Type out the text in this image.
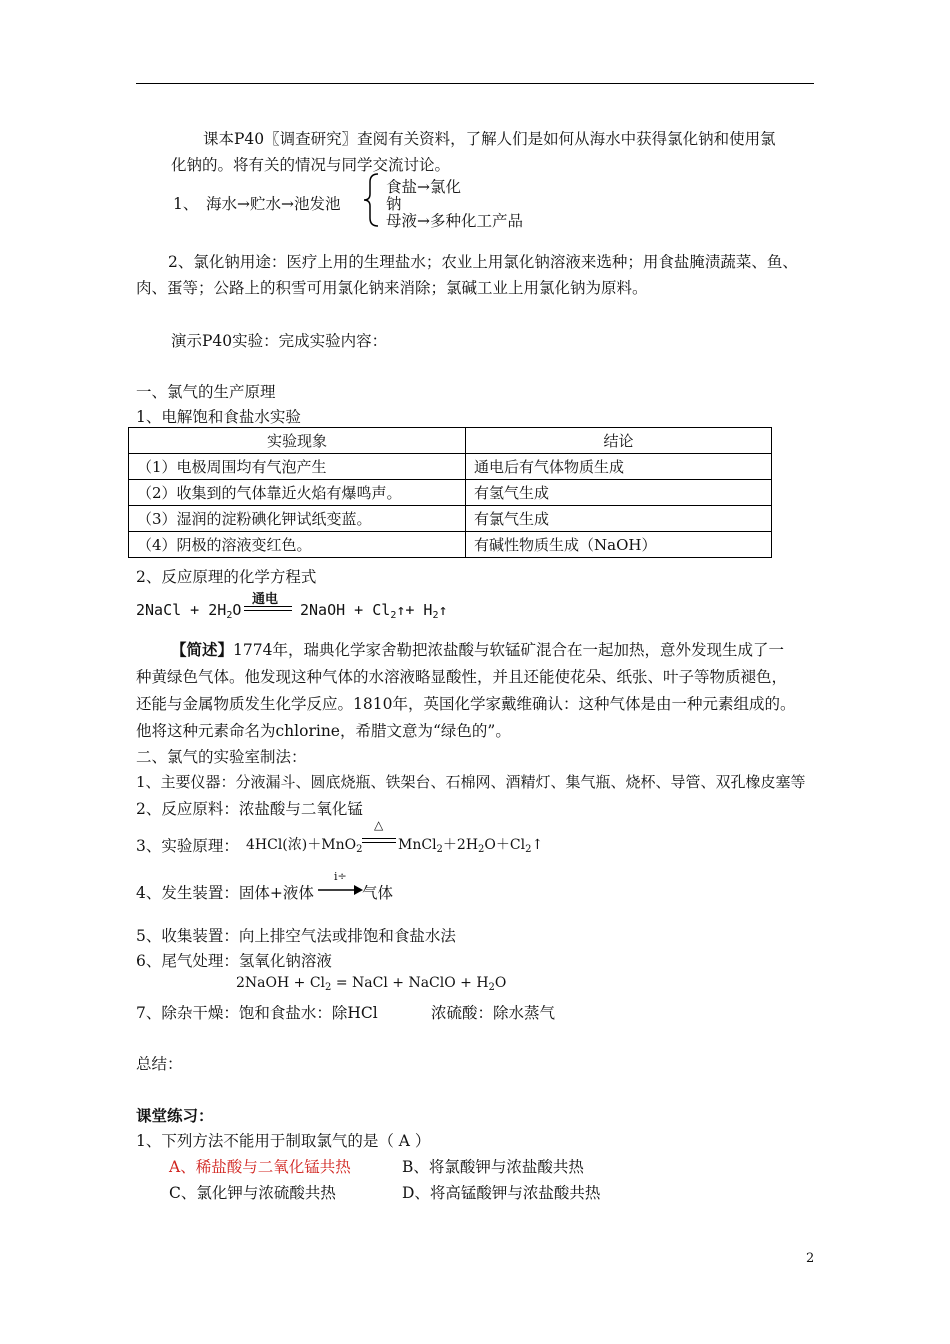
课本P40〖调查研究〗查阅有关资料，了解人们是如何从海水中获得氯化钠和使用氯
化钠的。将有关的情况与同学交流讨论。
1、 海水→贮水→池发池
食盐→氯化
钠
母液→多种化工产品
2、氯化钠用途：医疗上用的生理盐水；农业上用氯化钠溶液来选种；用食盐腌渍蔬菜、鱼、
肉、蛋等；公路上的积雪可用氯化钠来消除；氯碱工业上用氯化钠为原料。
演示P40实验：完成实验内容：
一、氯气的生产原理
1、电解饱和食盐水实验
实验现象	结论
（1）电极周围均有气泡产生	通电后有气体物质生成
（2）收集到的气体靠近火焰有爆鸣声。	有氢气生成
（3）湿润的淀粉碘化钾试纸变蓝。	有氯气生成
（4）阴极的溶液变红色。	有碱性物质生成（NaOH）
2、反应原理的化学方程式
2NaCl + $2H_2O$
通电
2NaOH + $Cl_2↑+$ $H_2↑$
【简述】1774年，瑞典化学家舍勒把浓盐酸与软锰矿混合在一起加热，意外发现生成了一
种黄绿色气体。他发现这种气体的水溶液略显酸性，并且还能使花朵、纸张、叶子等物质褪色，
还能与金属物质发生化学反应。1810年，英国化学家戴维确认：这种气体是由一种元素组成的。
他将这种元素命名为chlorine，希腊文意为“绿色的”。
二、氯气的实验室制法：
1、主要仪器：分液漏斗、圆底烧瓶、铁架台、石棉网、酒精灯、集气瓶、烧杯、导管、双孔橡皮塞等
2、反应原料：浓盐酸与二氧化锰
3、实验原理： 4HCl(浓)＋MnO$_2$
△
$MnCl_2+2H_2O+Cl_2↑$
4、发生装置：固体+液体
i÷
气体
5、收集装置：向上排空气法或排饱和食盐水法
6、尾气处理：氢氧化钠溶液
2NaOH + $Cl_2$ = NaCl + NaClO + $H_2O$
7、除杂干燥：饱和食盐水：除HCl	浓硫酸：除水蒸气
总结：
课堂练习：
1、下列方法不能用于制取氯气的是（ A ）
A、稀盐酸与二氧化锰共热	B、将氯酸钾与浓盐酸共热
C、氯化钾与浓硫酸共热	D、将高锰酸钾与浓盐酸共热
2
